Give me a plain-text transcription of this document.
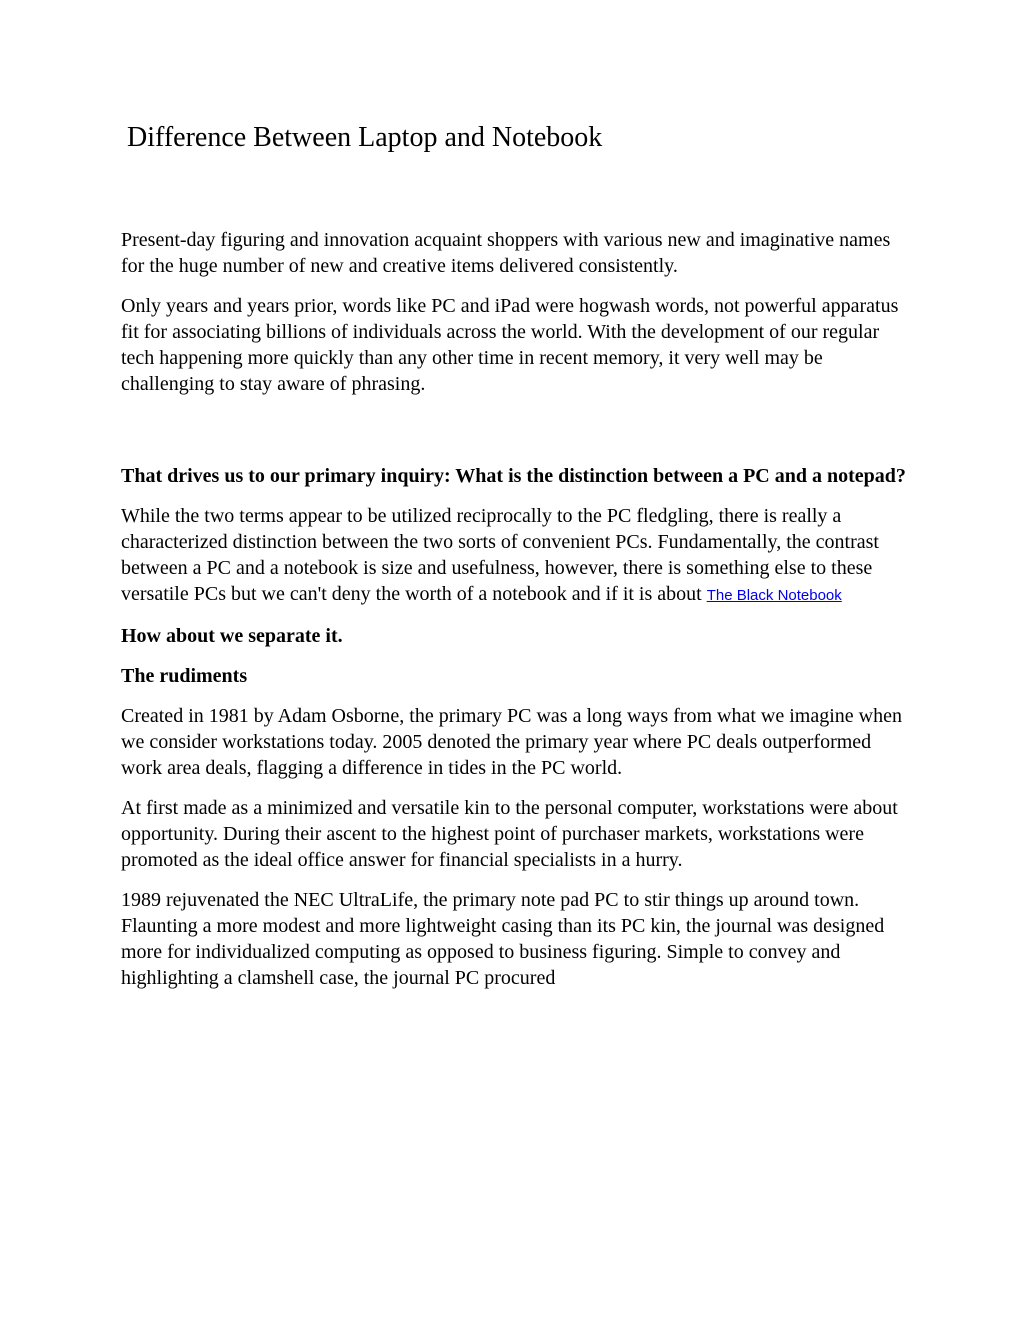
Difference Between Laptop and Notebook

Present-day figuring and innovation acquaint shoppers with various new and imaginative names for the huge number of new and creative items delivered consistently.

Only years and years prior, words like PC and iPad were hogwash words, not powerful apparatus fit for associating billions of individuals across the world. With the development of our regular tech happening more quickly than any other time in recent memory, it very well may be challenging to stay aware of phrasing.

That drives us to our primary inquiry: What is the distinction between a PC and a notepad?

While the two terms appear to be utilized reciprocally to the PC fledgling, there is really a characterized distinction between the two sorts of convenient PCs. Fundamentally, the contrast between a PC and a notebook is size and usefulness, however, there is something else to these versatile PCs but we can't deny the worth of a notebook and if it is about The Black Notebook

How about we separate it.

The rudiments

Created in 1981 by Adam Osborne, the primary PC was a long ways from what we imagine when we consider workstations today. 2005 denoted the primary year where PC deals outperformed work area deals, flagging a difference in tides in the PC world.

At first made as a minimized and versatile kin to the personal computer, workstations were about opportunity. During their ascent to the highest point of purchaser markets, workstations were promoted as the ideal office answer for financial specialists in a hurry.

1989 rejuvenated the NEC UltraLife, the primary note pad PC to stir things up around town. Flaunting a more modest and more lightweight casing than its PC kin, the journal was designed more for individualized computing as opposed to business figuring. Simple to convey and highlighting a clamshell case, the journal PC procured
